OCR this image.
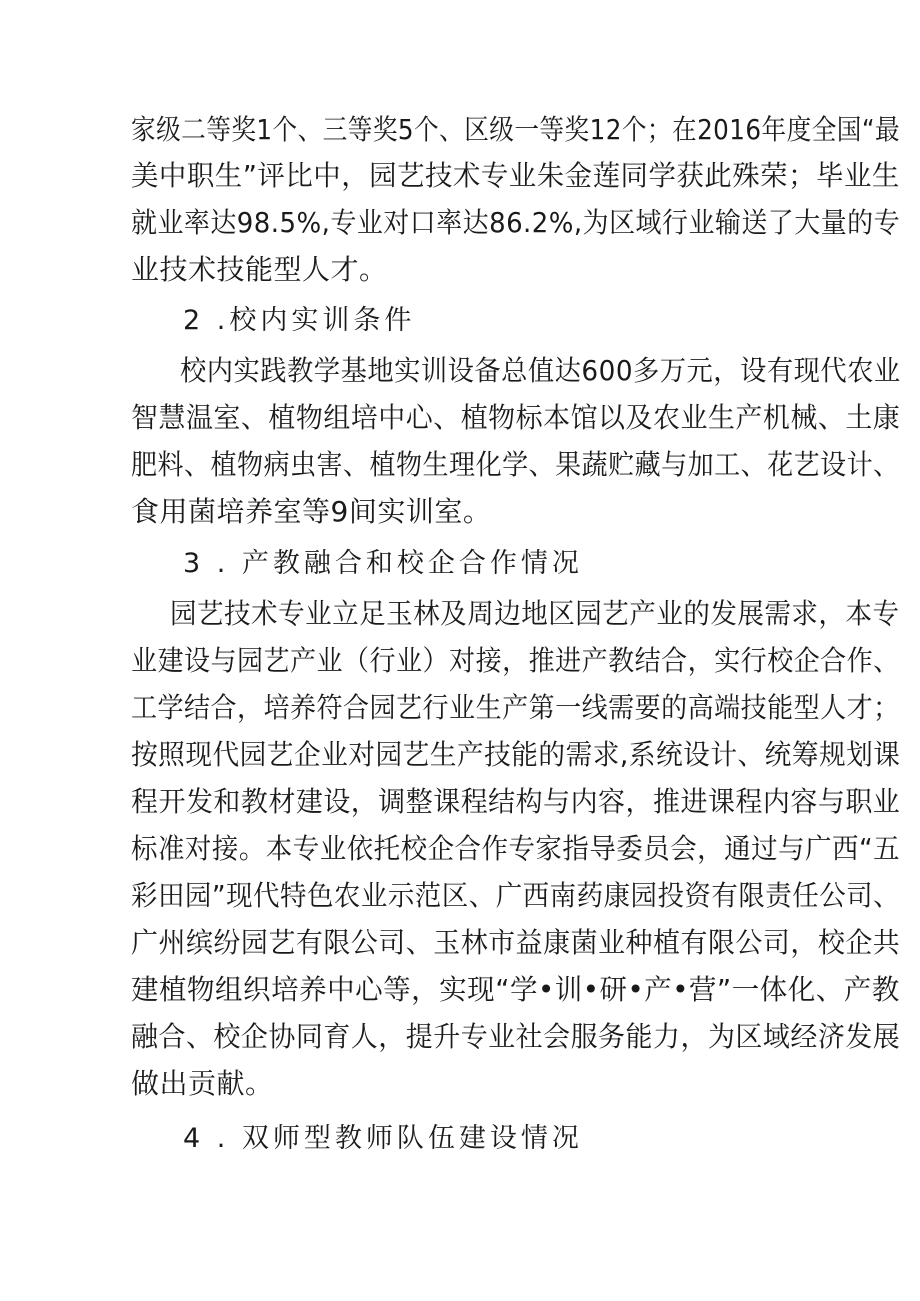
家级二等奖1个、三等奖5个、区级一等奖12个；在2016年度全国“最
美中职生”评比中，园艺技术专业朱金莲同学获此殊荣；毕业生
就业率达98.5%,专业对口率达86.2%,为区域行业输送了大量的专
业技术技能型人才。
2 .校内实训条件
校内实践教学基地实训设备总值达600多万元，设有现代农业
智慧温室、植物组培中心、植物标本馆以及农业生产机械、土康
肥料、植物病虫害、植物生理化学、果蔬贮藏与加工、花艺设计、
食用菌培养室等9间实训室。
3 . 产教融合和校企合作情况
园艺技术专业立足玉林及周边地区园艺产业的发展需求，本专
业建设与园艺产业（行业）对接，推进产教结合，实行校企合作、
工学结合，培养符合园艺行业生产第一线需要的高端技能型人才；
按照现代园艺企业对园艺生产技能的需求,系统设计、统筹规划课
程开发和教材建设，调整课程结构与内容，推进课程内容与职业
标准对接。本专业依托校企合作专家指导委员会，通过与广西“五
彩田园”现代特色农业示范区、广西南药康园投资有限责任公司、
广州缤纷园艺有限公司、玉林市益康菌业种植有限公司，校企共
建植物组织培养中心等，实现“学•训•研•产•营”一体化、产教
融合、校企协同育人，提升专业社会服务能力，为区域经济发展
做出贡献。
4 . 双师型教师队伍建设情况
